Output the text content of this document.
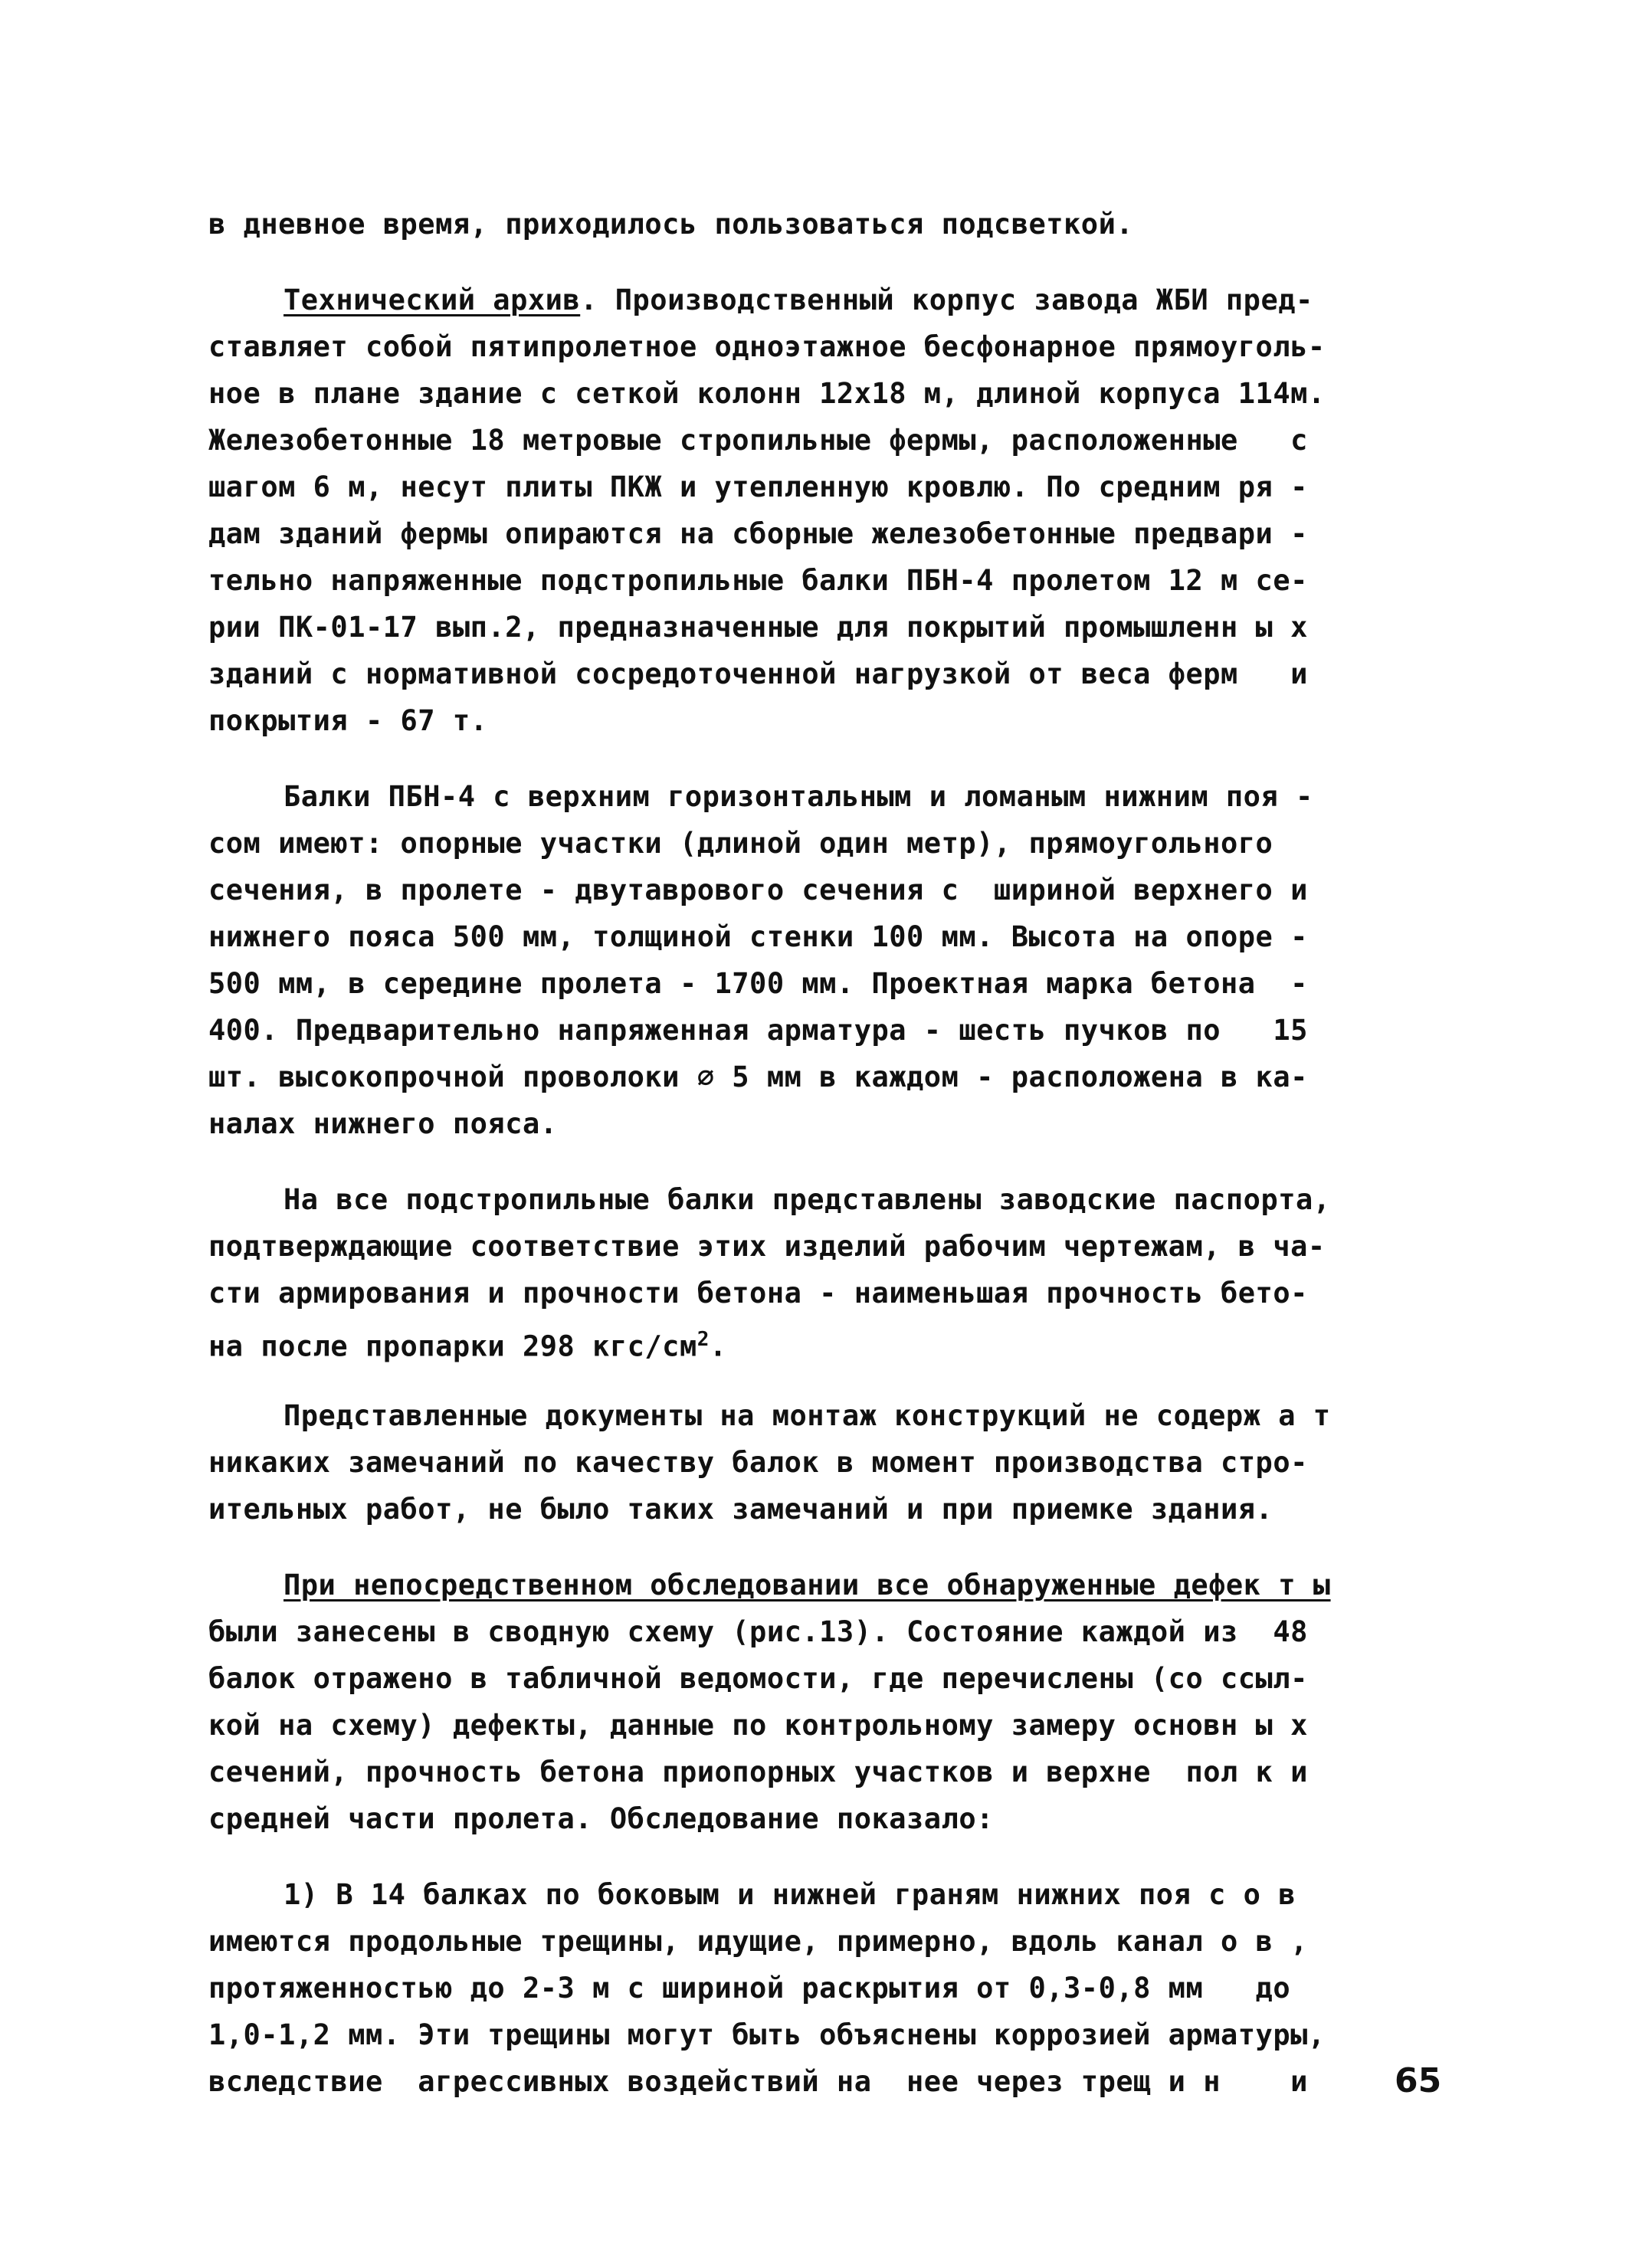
в дневное время, приходилось пользоваться подсветкой.
Технический архив. Производственный корпус завода ЖБИ пред-
ставляет собой пятипролетное одноэтажное бесфонарное прямоуголь-
ное в плане здание с сеткой колонн 12x18 м, длиной корпуса 114м.
Железобетонные 18 метровые стропильные фермы, расположенные   с
шагом 6 м, несут плиты ПКЖ и утепленную кровлю. По средним ря -
дам зданий фермы опираются на сборные железобетонные предвари -
тельно напряженные подстропильные балки ПБН-4 пролетом 12 м се-
рии ПК-01-17 вып.2, предназначенные для покрытий промышленн ы х
зданий с нормативной сосредоточенной нагрузкой от веса ферм   и
покрытия - 67 т.
Балки ПБН-4 с верхним горизонтальным и ломаным нижним поя -
сом имеют: опорные участки (длиной один метр), прямоугольного
сечения, в пролете - двутаврового сечения с  шириной верхнего и
нижнего пояса 500 мм, толщиной стенки 100 мм. Высота на опоре -
500 мм, в середине пролета - 1700 мм. Проектная марка бетона  -
400. Предварительно напряженная арматура - шесть пучков по   15
шт. высокопрочной проволоки ∅ 5 мм в каждом - расположена в ка-
налах нижнего пояса.
На все подстропильные балки представлены заводские паспорта,
подтверждающие соответствие этих изделий рабочим чертежам, в ча-
сти армирования и прочности бетона - наименьшая прочность бето-
на после пропарки 298 кгс/$см^2$.
Представленные документы на монтаж конструкций не содерж а т
никаких замечаний по качеству балок в момент производства стро-
ительных работ, не было таких замечаний и при приемке здания.
При непосредственном обследовании все обнаруженные дефек т ы
были занесены в сводную схему (рис.13). Состояние каждой из  48
балок отражено в табличной ведомости, где перечислены (со ссыл-
кой на схему) дефекты, данные по контрольному замеру основн ы х
сечений, прочность бетона приопорных участков и верхне  пол к и
средней части пролета. Обследование показало:
1) В 14 балках по боковым и нижней граням нижних поя с о в
имеются продольные трещины, идущие, примерно, вдоль канал о в ,
протяженностью до 2-3 м с шириной раскрытия от 0,3-0,8 мм   до
1,0-1,2 мм. Эти трещины могут быть объяснены коррозией арматуры,
вследствие  агрессивных воздействий на  нее через трещ и н    и	65
